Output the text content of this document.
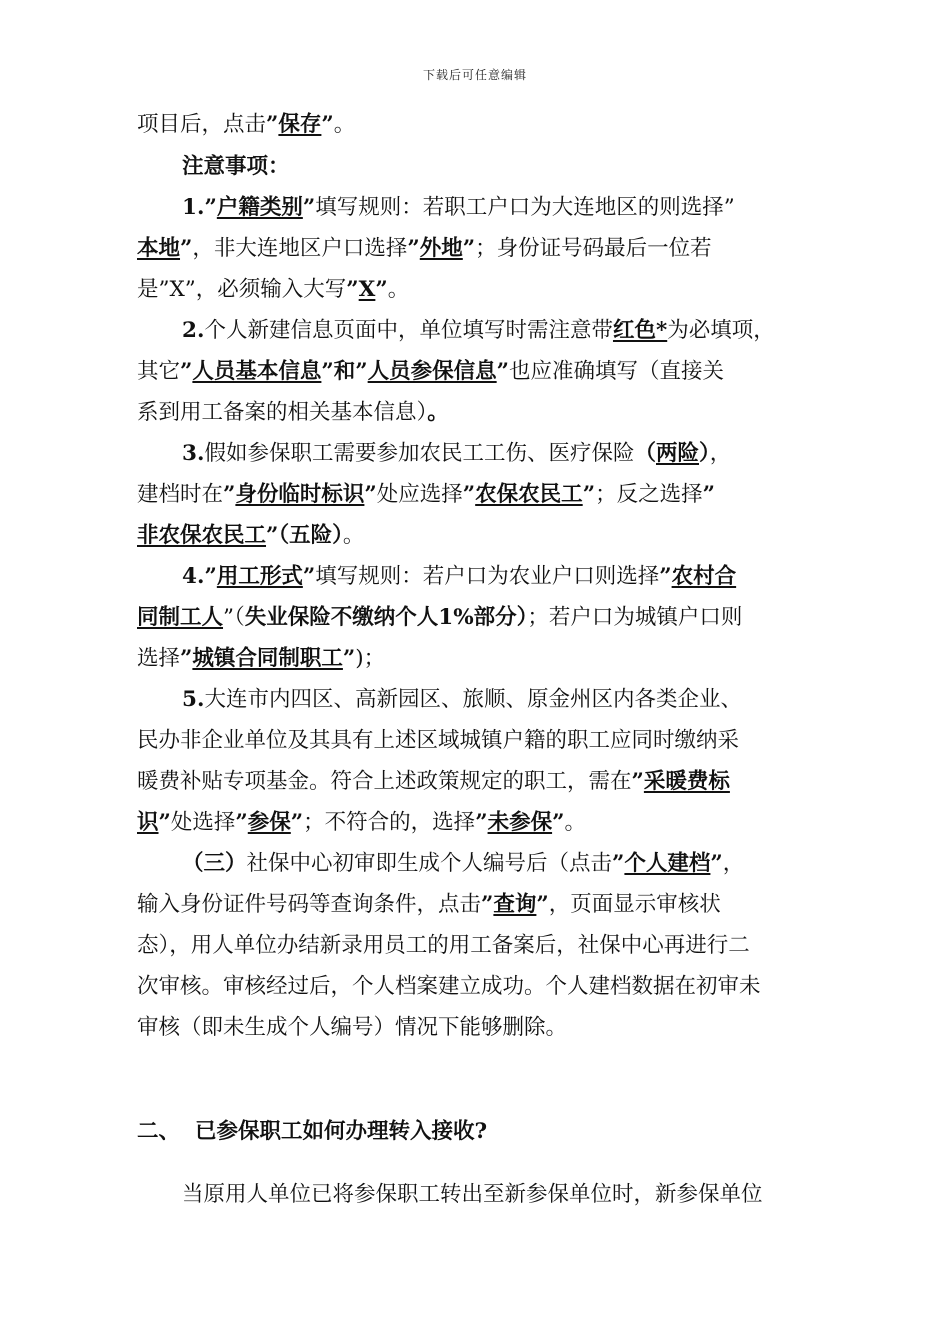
下载后可任意编辑
项目后，点击”保存”。
注意事项：
1.”户籍类别”填写规则：若职工户口为大连地区的则选择”
本地”，非大连地区户口选择”外地”；身份证号码最后一位若
是”X”，必须输入大写”X”。
2.个人新建信息页面中，单位填写时需注意带红色*为必填项，
其它”人员基本信息”和”人员参保信息”也应准确填写（直接关
系到用工备案的相关基本信息）。
3.假如参保职工需要参加农民工工伤、医疗保险（两险），
建档时在”身份临时标识”处应选择”农保农民工”；反之选择”
非农保农民工”（五险）。
4.”用工形式”填写规则：若户口为农业户口则选择”农村合
同制工人”（失业保险不缴纳个人1%部分）；若户口为城镇户口则
选择”城镇合同制职工”)；
5.大连市内四区、高新园区、旅顺、原金州区内各类企业、
民办非企业单位及其具有上述区域城镇户籍的职工应同时缴纳采
暖费补贴专项基金。符合上述政策规定的职工，需在”采暖费标
识”处选择”参保”；不符合的，选择”未参保”。
（三）社保中心初审即生成个人编号后（点击”个人建档”，
输入身份证件号码等查询条件，点击”查询”，页面显示审核状
态），用人单位办结新录用员工的用工备案后，社保中心再进行二
次审核。审核经过后，个人档案建立成功。个人建档数据在初审未
审核（即未生成个人编号）情况下能够删除。
二、 已参保职工如何办理转入接收?
当原用人单位已将参保职工转出至新参保单位时，新参保单位
